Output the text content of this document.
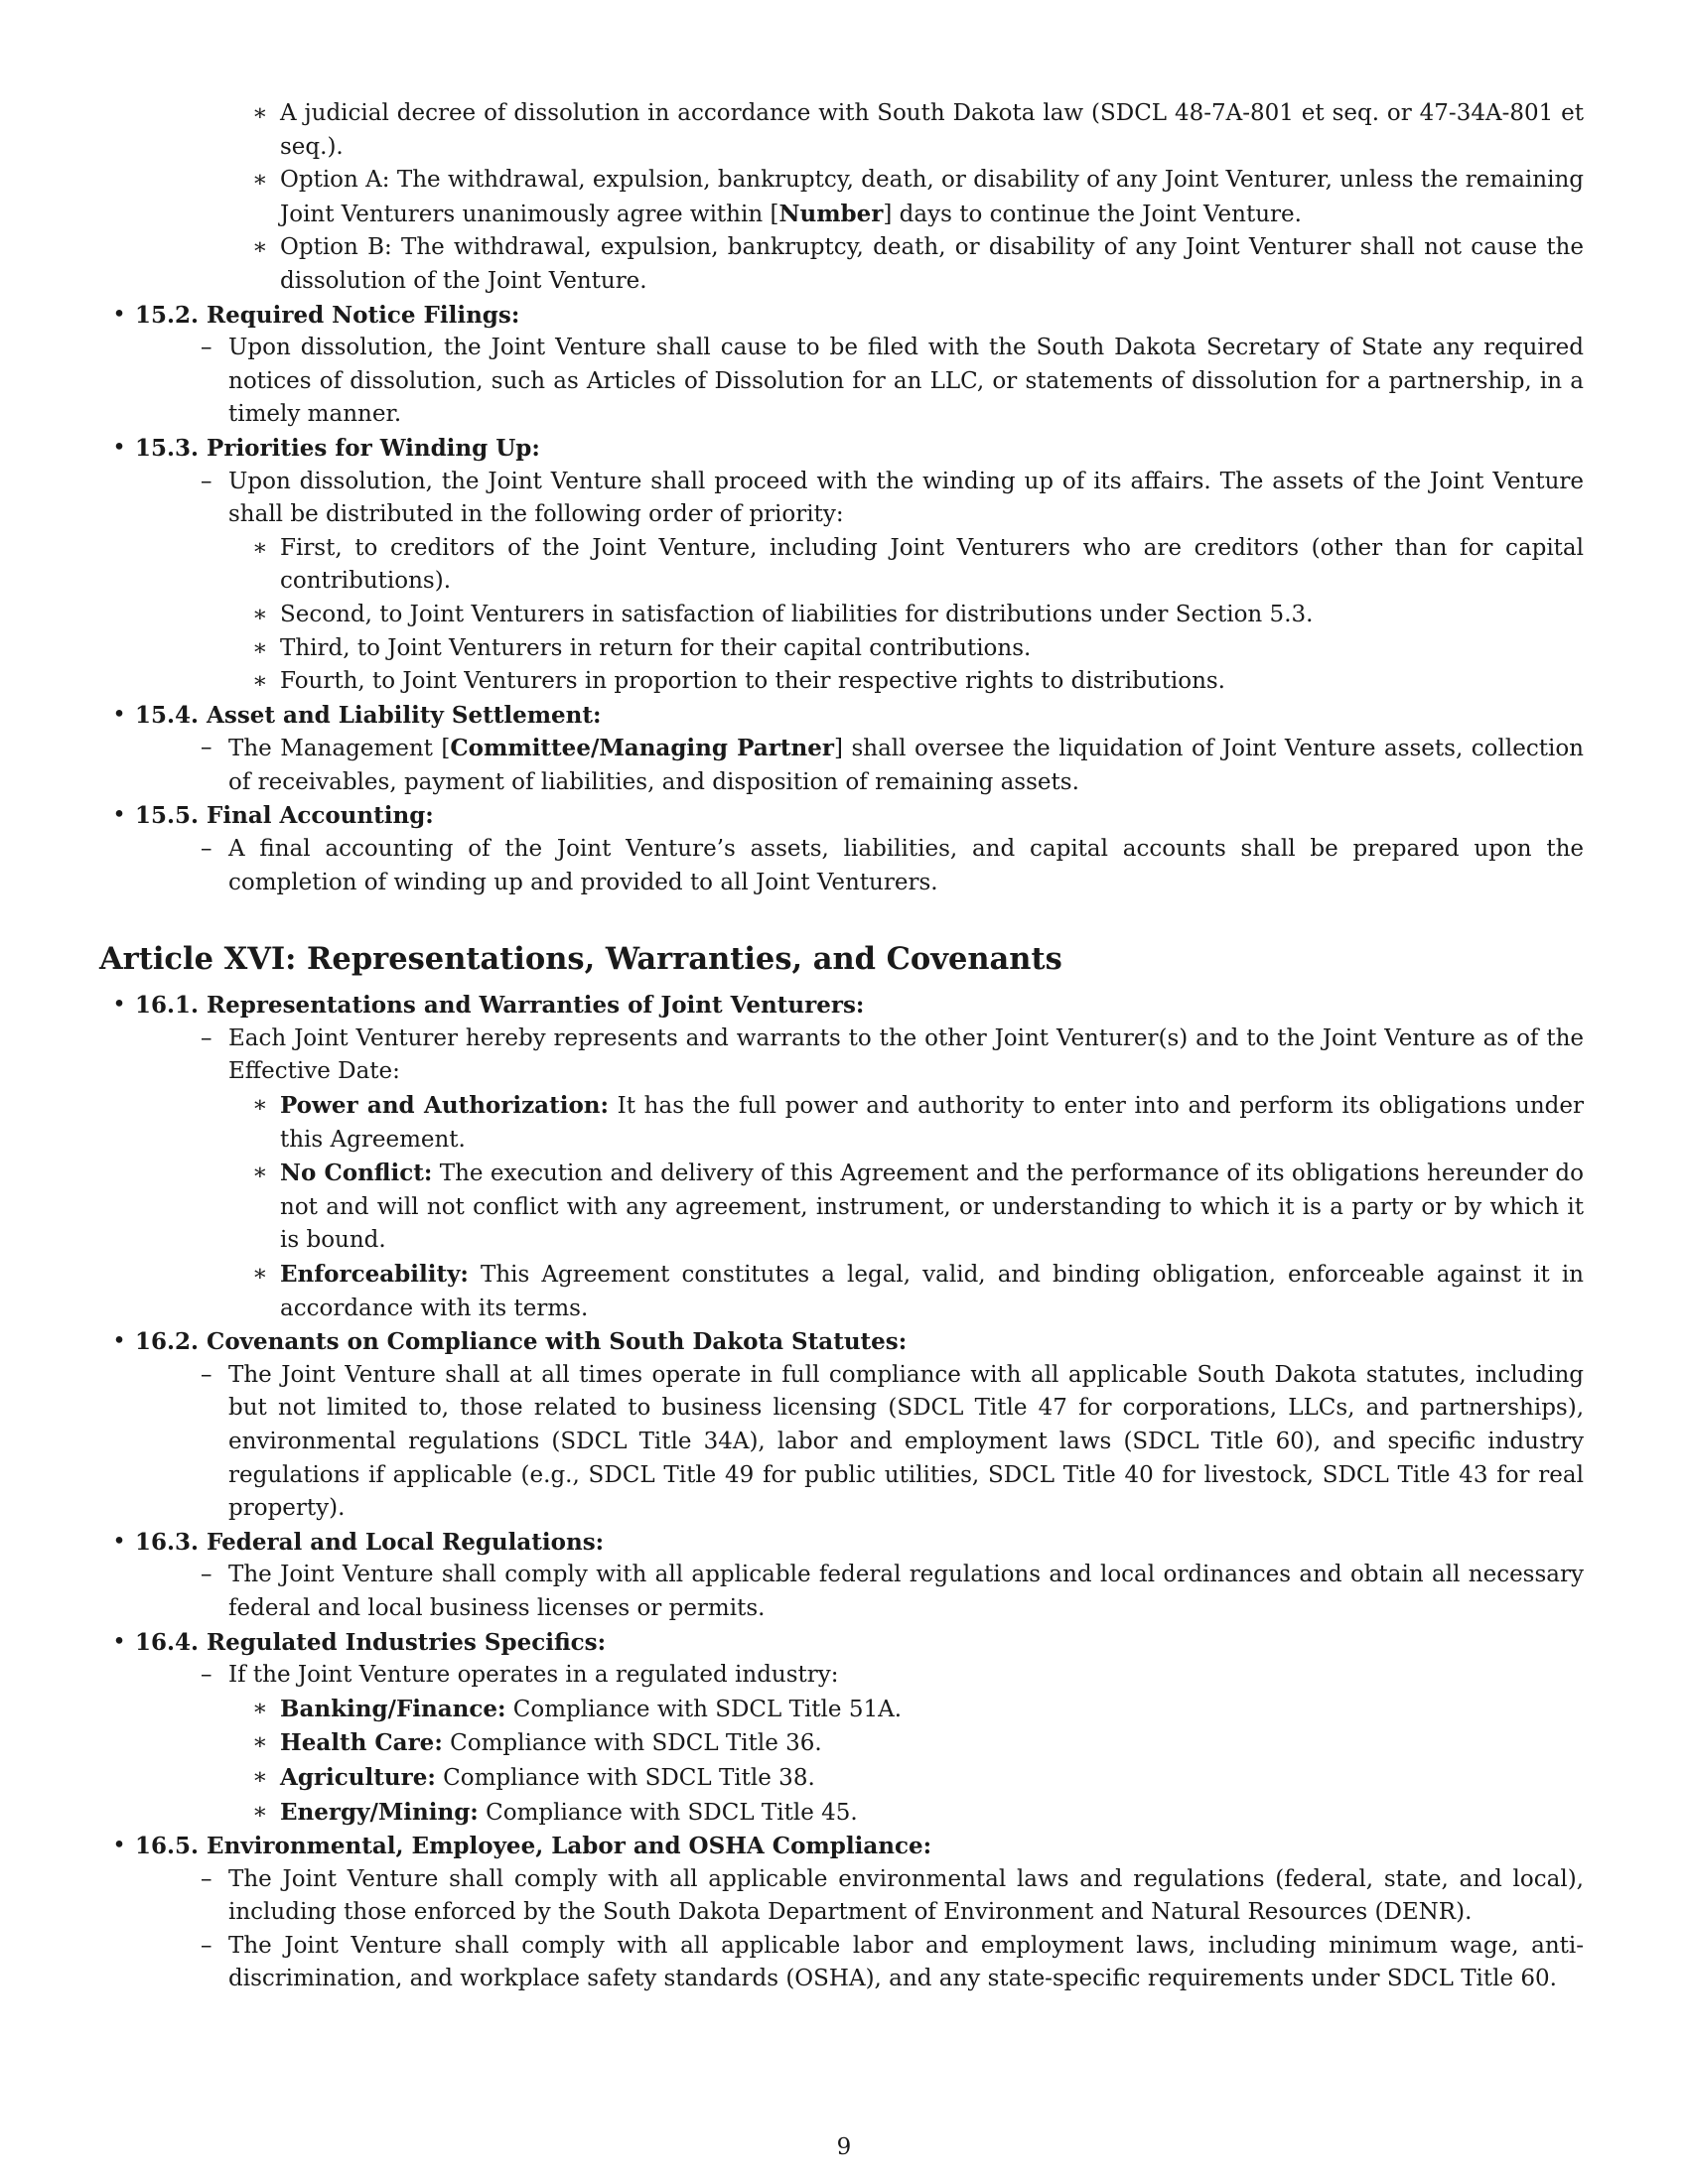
∗ A judicial decree of dissolution in accordance with South Dakota law (SDCL 48-7A-801 et seq. or 47-34A-801 et seq.).
∗ Option A: The withdrawal, expulsion, bankruptcy, death, or disability of any Joint Venturer, unless the remaining Joint Venturers unanimously agree within [Number] days to continue the Joint Venture.
∗ Option B: The withdrawal, expulsion, bankruptcy, death, or disability of any Joint Venturer shall not cause the dissolution of the Joint Venture.
• 15.2. Required Notice Filings:
– Upon dissolution, the Joint Venture shall cause to be filed with the South Dakota Secretary of State any required notices of dissolution, such as Articles of Dissolution for an LLC, or statements of dissolution for a partnership, in a timely manner.
• 15.3. Priorities for Winding Up:
– Upon dissolution, the Joint Venture shall proceed with the winding up of its affairs. The assets of the Joint Venture shall be distributed in the following order of priority:
∗ First, to creditors of the Joint Venture, including Joint Venturers who are creditors (other than for capital contributions).
∗ Second, to Joint Venturers in satisfaction of liabilities for distributions under Section 5.3.
∗ Third, to Joint Venturers in return for their capital contributions.
∗ Fourth, to Joint Venturers in proportion to their respective rights to distributions.
• 15.4. Asset and Liability Settlement:
– The Management [Committee/Managing Partner] shall oversee the liquidation of Joint Venture assets, collection of receivables, payment of liabilities, and disposition of remaining assets.
• 15.5. Final Accounting:
– A final accounting of the Joint Venture’s assets, liabilities, and capital accounts shall be prepared upon the completion of winding up and provided to all Joint Venturers.
Article XVI: Representations, Warranties, and Covenants
• 16.1. Representations and Warranties of Joint Venturers:
– Each Joint Venturer hereby represents and warrants to the other Joint Venturer(s) and to the Joint Venture as of the Effective Date:
∗ Power and Authorization: It has the full power and authority to enter into and perform its obligations under this Agreement.
∗ No Conflict: The execution and delivery of this Agreement and the performance of its obligations hereunder do not and will not conflict with any agreement, instrument, or understanding to which it is a party or by which it is bound.
∗ Enforceability: This Agreement constitutes a legal, valid, and binding obligation, enforceable against it in accordance with its terms.
• 16.2. Covenants on Compliance with South Dakota Statutes:
– The Joint Venture shall at all times operate in full compliance with all applicable South Dakota statutes, including but not limited to, those related to business licensing (SDCL Title 47 for corporations, LLCs, and partnerships), environmental regulations (SDCL Title 34A), labor and employment laws (SDCL Title 60), and specific industry regulations if applicable (e.g., SDCL Title 49 for public utilities, SDCL Title 40 for livestock, SDCL Title 43 for real property).
• 16.3. Federal and Local Regulations:
– The Joint Venture shall comply with all applicable federal regulations and local ordinances and obtain all necessary federal and local business licenses or permits.
• 16.4. Regulated Industries Specifics:
– If the Joint Venture operates in a regulated industry:
∗ Banking/Finance: Compliance with SDCL Title 51A.
∗ Health Care: Compliance with SDCL Title 36.
∗ Agriculture: Compliance with SDCL Title 38.
∗ Energy/Mining: Compliance with SDCL Title 45.
• 16.5. Environmental, Employee, Labor and OSHA Compliance:
– The Joint Venture shall comply with all applicable environmental laws and regulations (federal, state, and local), including those enforced by the South Dakota Department of Environment and Natural Resources (DENR).
– The Joint Venture shall comply with all applicable labor and employment laws, including minimum wage, anti-discrimination, and workplace safety standards (OSHA), and any state-specific requirements under SDCL Title 60.
9
